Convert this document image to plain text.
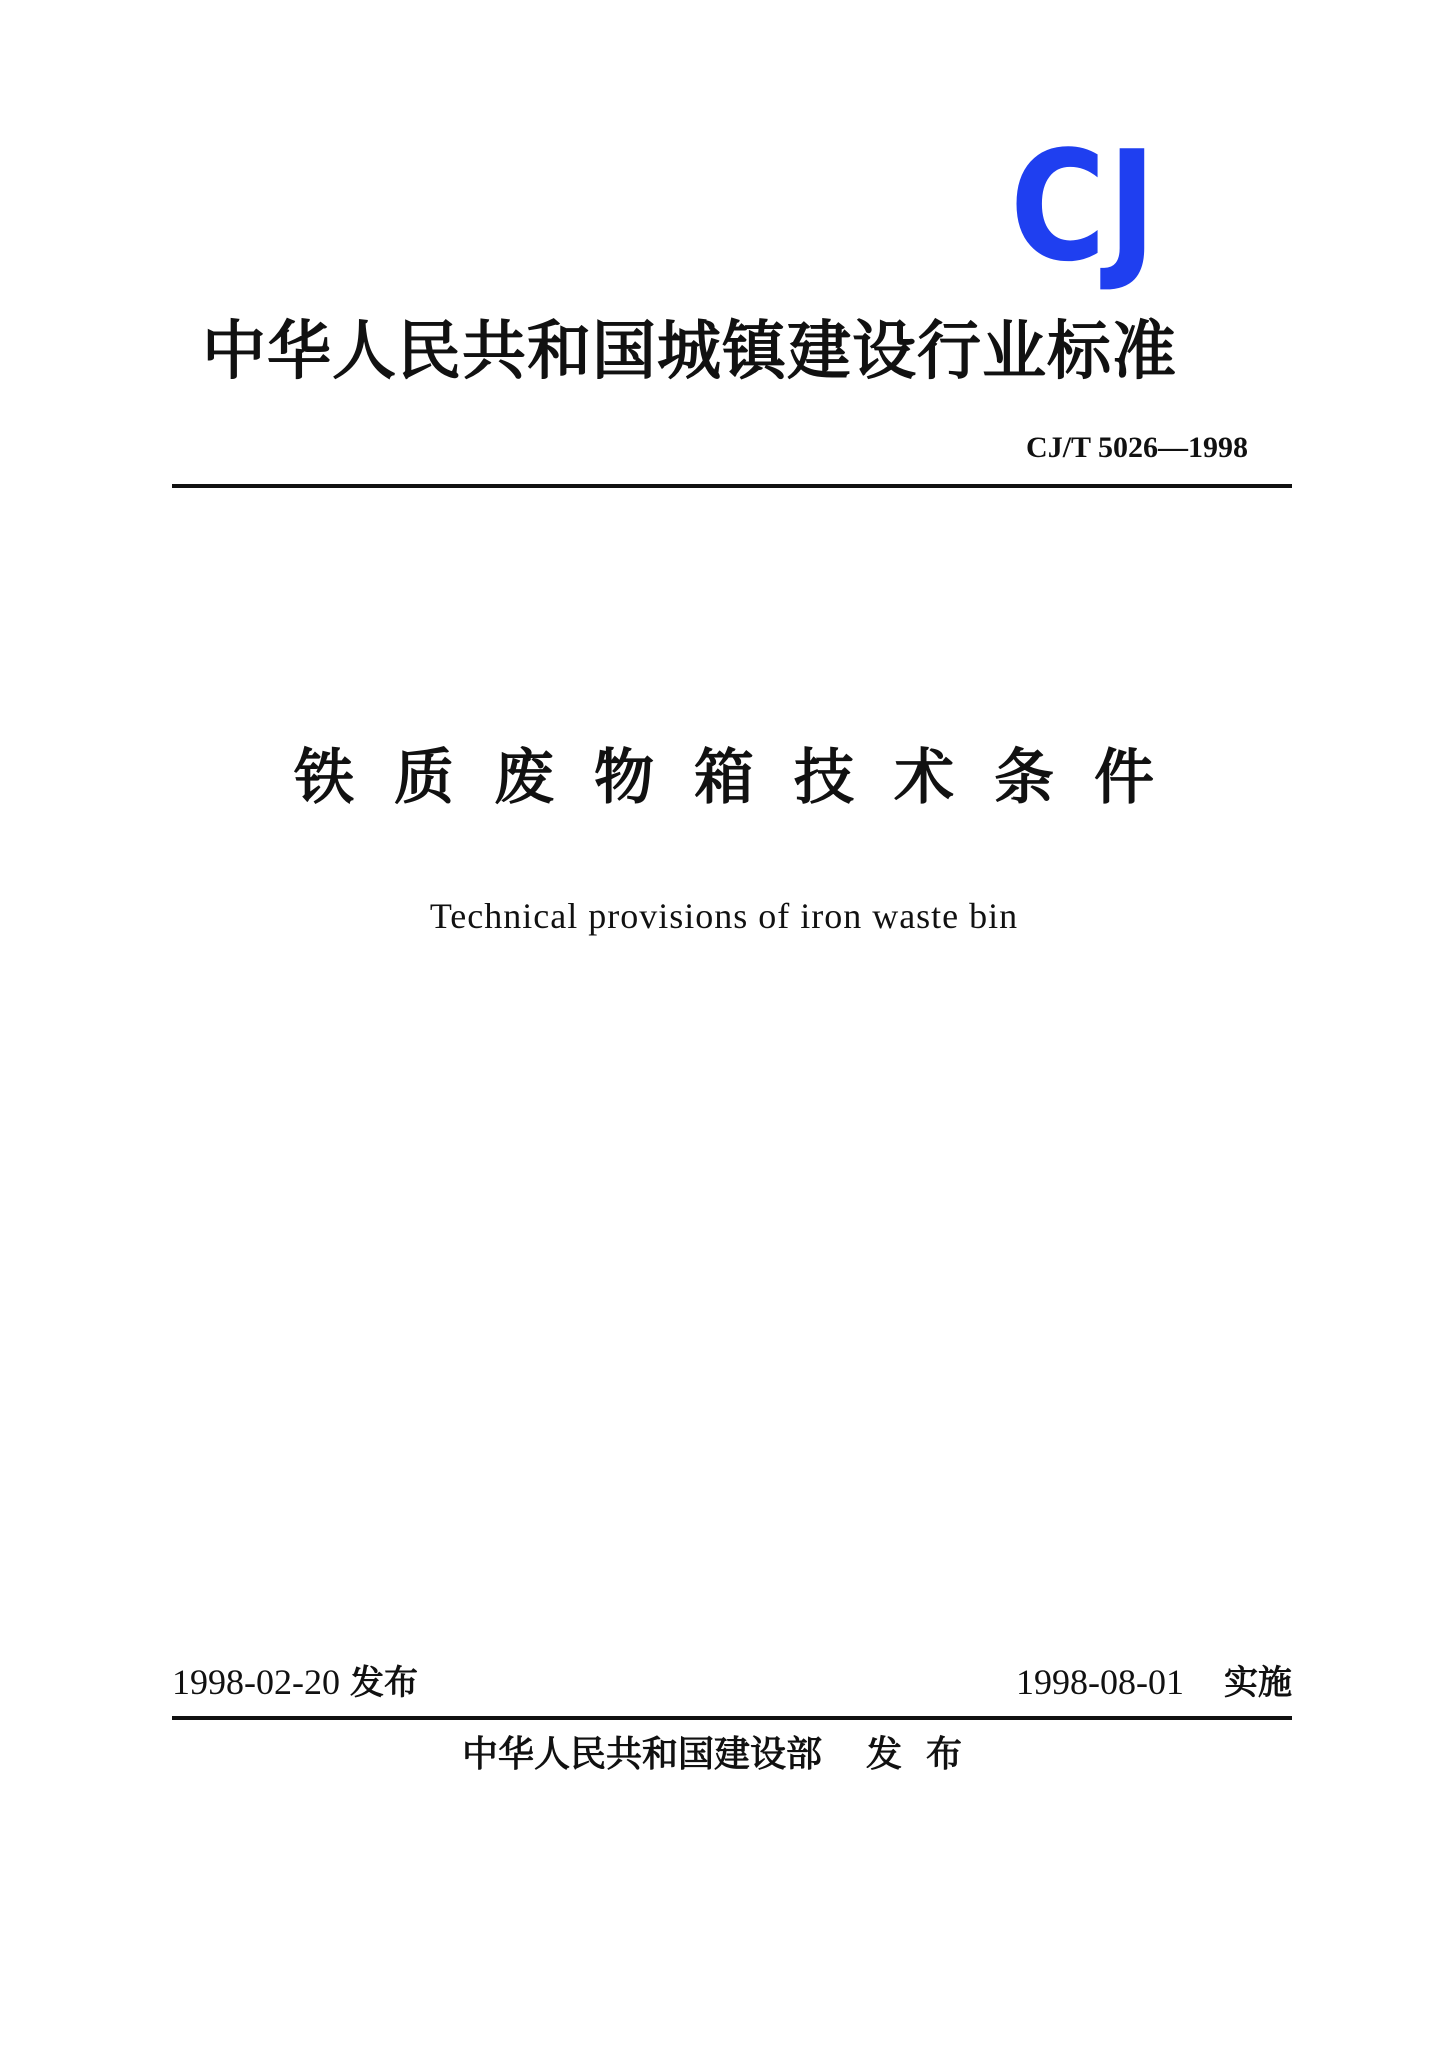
CJ
中华人民共和国城镇建设行业标准
CJ/T 5026—1998
铁质废物箱技术条件
Technical provisions of iron waste bin
1998-02-20 发布	1998-08-01 实施
中华人民共和国建设部 发布
